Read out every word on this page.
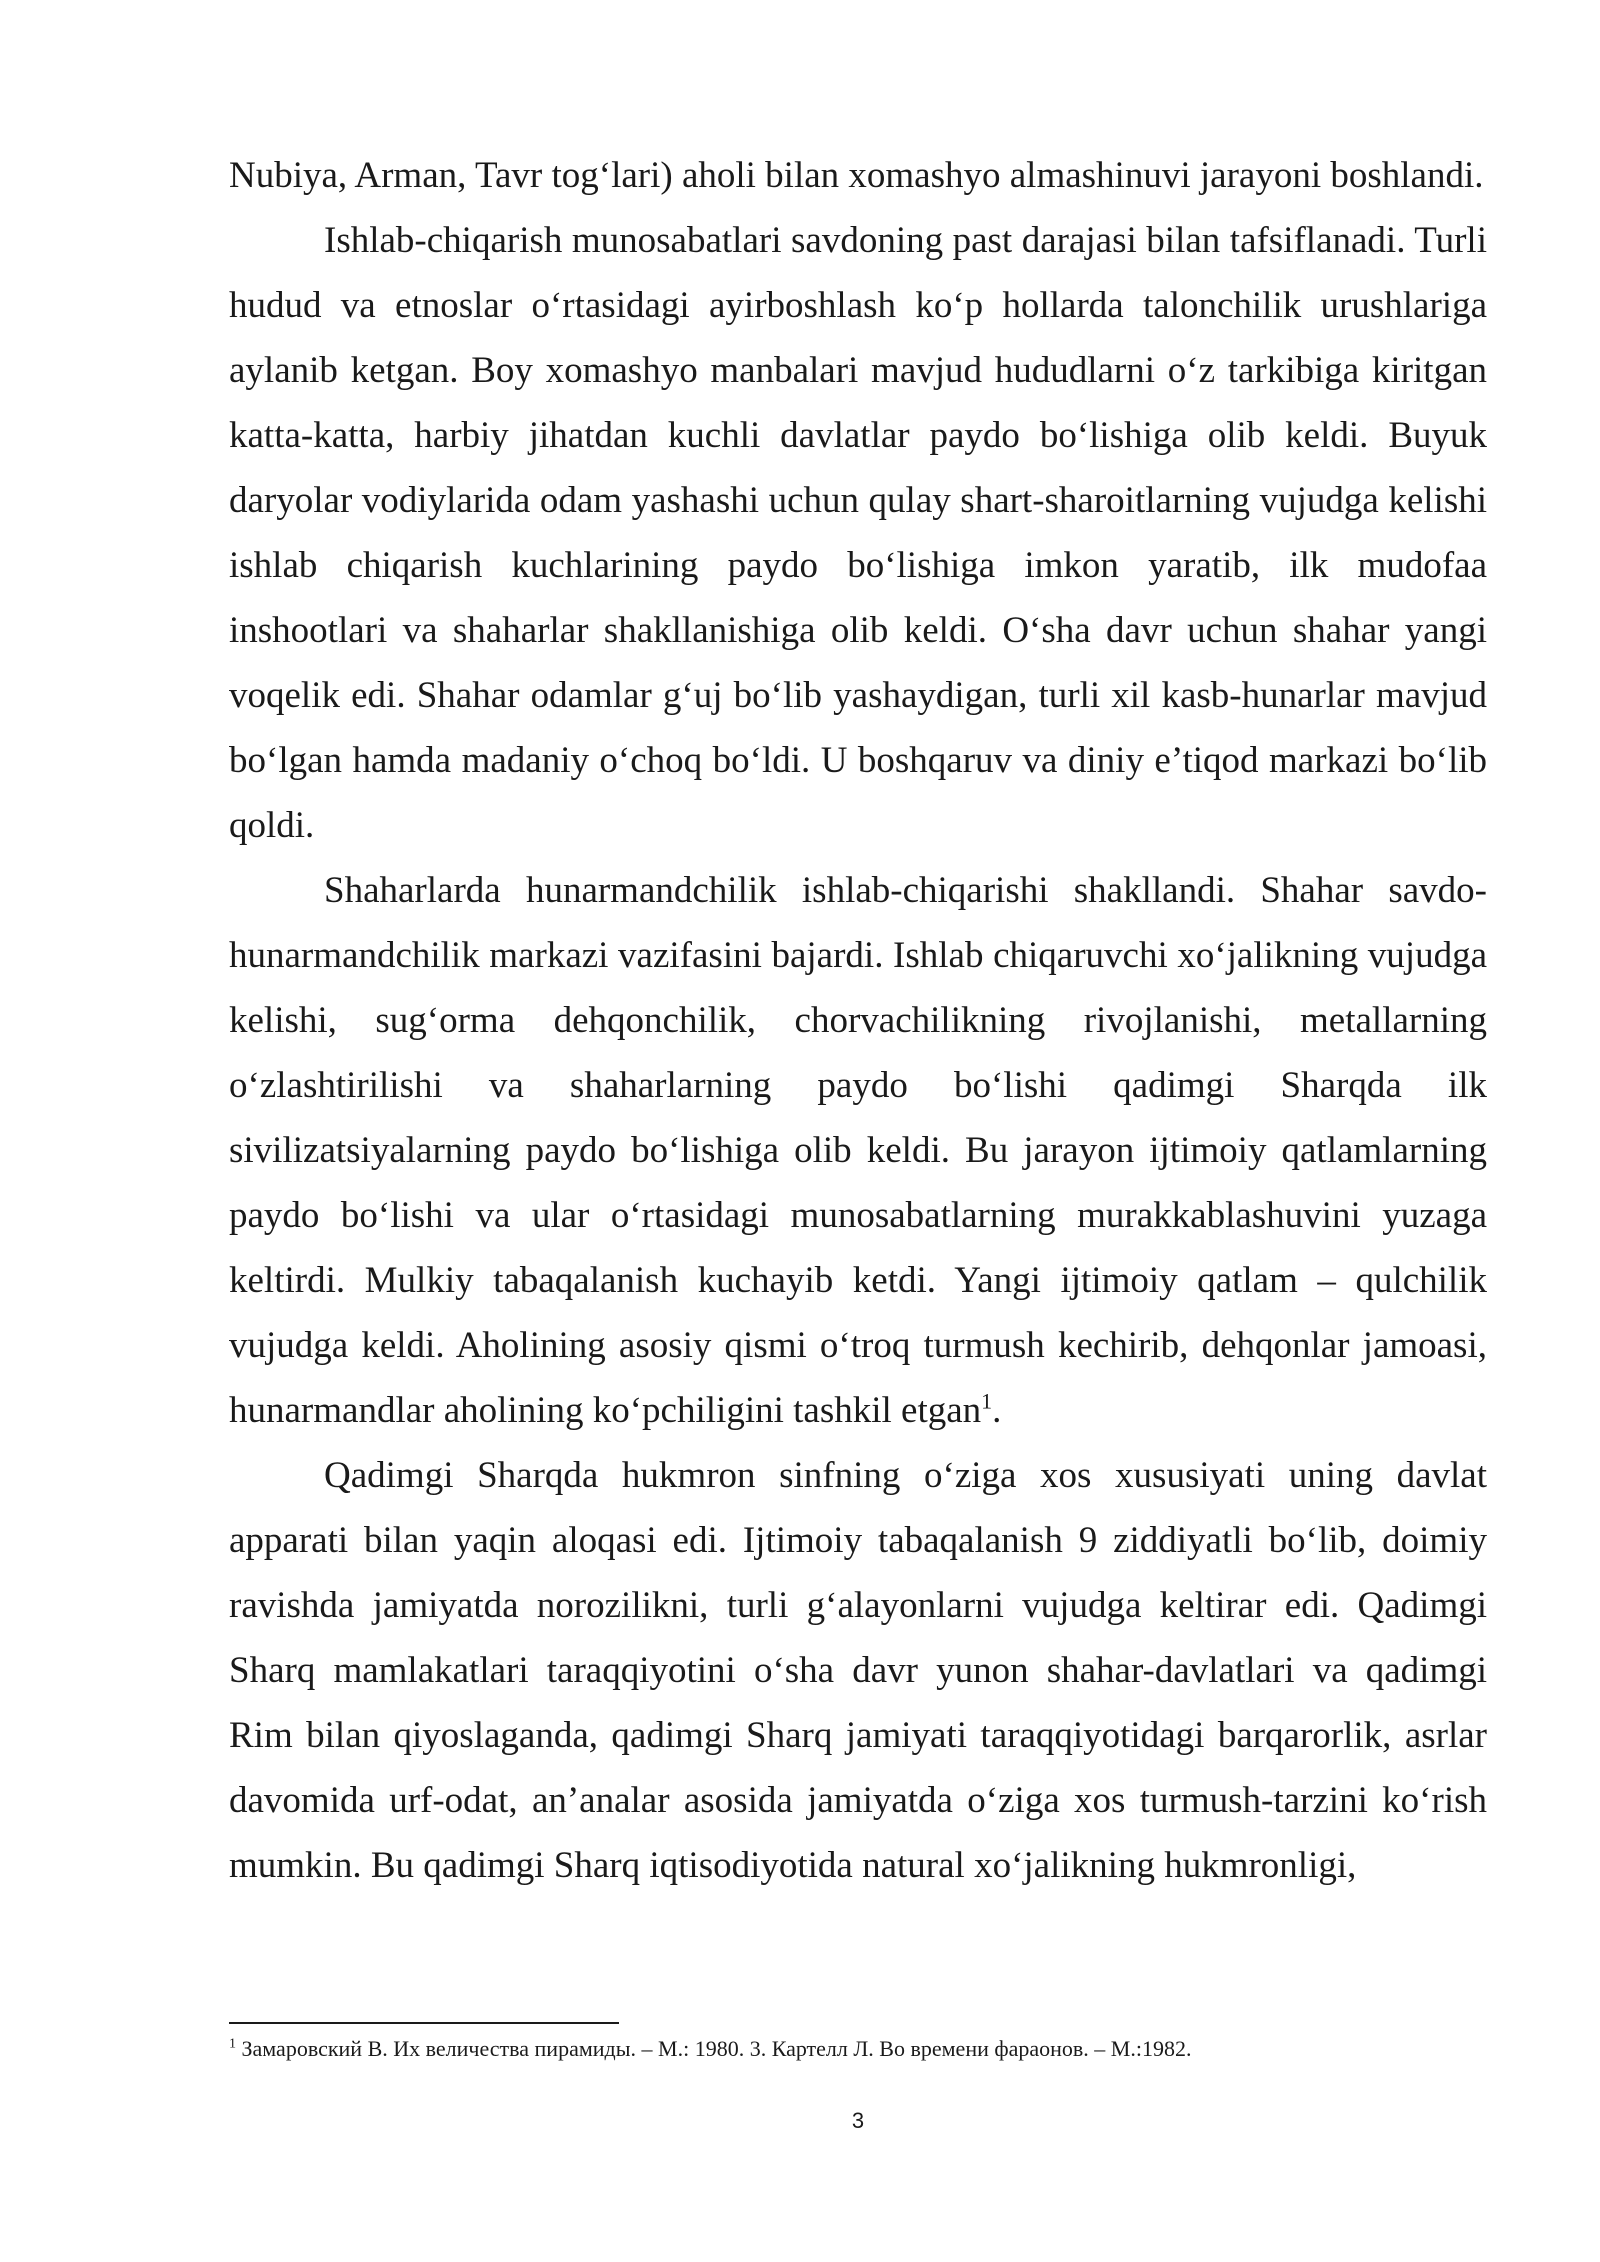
Nubiya, Arman, Tavr tog‘lari) aholi bilan xomashyo almashinuvi jarayoni boshlandi.

Ishlab-chiqarish munosabatlari savdoning past darajasi bilan tafsiflanadi. Turli hudud va etnoslar o‘rtasidagi ayirboshlash ko‘p hollarda talonchilik urushlariga aylanib ketgan. Boy xomashyo manbalari mavjud hududlarni o‘z tarkibiga kiritgan katta-katta, harbiy jihatdan kuchli davlatlar paydo bo‘lishiga olib keldi. Buyuk daryolar vodiylarida odam yashashi uchun qulay shart-sharoitlarning vujudga kelishi ishlab chiqarish kuchlarining paydo bo‘lishiga imkon yaratib, ilk mudofaa inshootlari va shaharlar shakllanishiga olib keldi. O‘sha davr uchun shahar yangi voqelik edi. Shahar odamlar g‘uj bo‘lib yashaydigan, turli xil kasb-hunarlar mavjud bo‘lgan hamda madaniy o‘choq bo‘ldi. U boshqaruv va diniy e’tiqod markazi bo‘lib qoldi.

Shaharlarda hunarmandchilik ishlab-chiqarishi shakllandi. Shahar savdo-hunarmandchilik markazi vazifasini bajardi. Ishlab chiqaruvchi xo‘jalikning vujudga kelishi, sug‘orma dehqonchilik, chorvachilikning rivojlanishi, metallarning o‘zlashtirilishi va shaharlarning paydo bo‘lishi qadimgi Sharqda ilk sivilizatsiyalarning paydo bo‘lishiga olib keldi. Bu jarayon ijtimoiy qatlamlarning paydo bo‘lishi va ular o‘rtasidagi munosabatlarning murakkablashuvini yuzaga keltirdi. Mulkiy tabaqalanish kuchayib ketdi. Yangi ijtimoiy qatlam – qulchilik vujudga keldi. Aholining asosiy qismi o‘troq turmush kechirib, dehqonlar jamoasi, hunarmandlar aholining ko‘pchiligini tashkil etgan$^1$.

Qadimgi Sharqda hukmron sinfning o‘ziga xos xususiyati uning davlat apparati bilan yaqin aloqasi edi. Ijtimoiy tabaqalanish 9 ziddiyatli bo‘lib, doimiy ravishda jamiyatda norozilikni, turli g‘alayonlarni vujudga keltirar edi. Qadimgi Sharq mamlakatlari taraqqiyotini o‘sha davr yunon shahar-davlatlari va qadimgi Rim bilan qiyoslaganda, qadimgi Sharq jamiyati taraqqiyotidagi barqarorlik, asrlar davomida urf-odat, an’analar asosida jamiyatda o‘ziga xos turmush-tarzini ko‘rish mumkin. Bu qadimgi Sharq iqtisodiyotida natural xo‘jalikning hukmronligi,

$^1$ Замаровский В. Их величества пирамиды. – М.: 1980. 3. Картелл Л. Во времени фараонов. – М.:1982.
3
